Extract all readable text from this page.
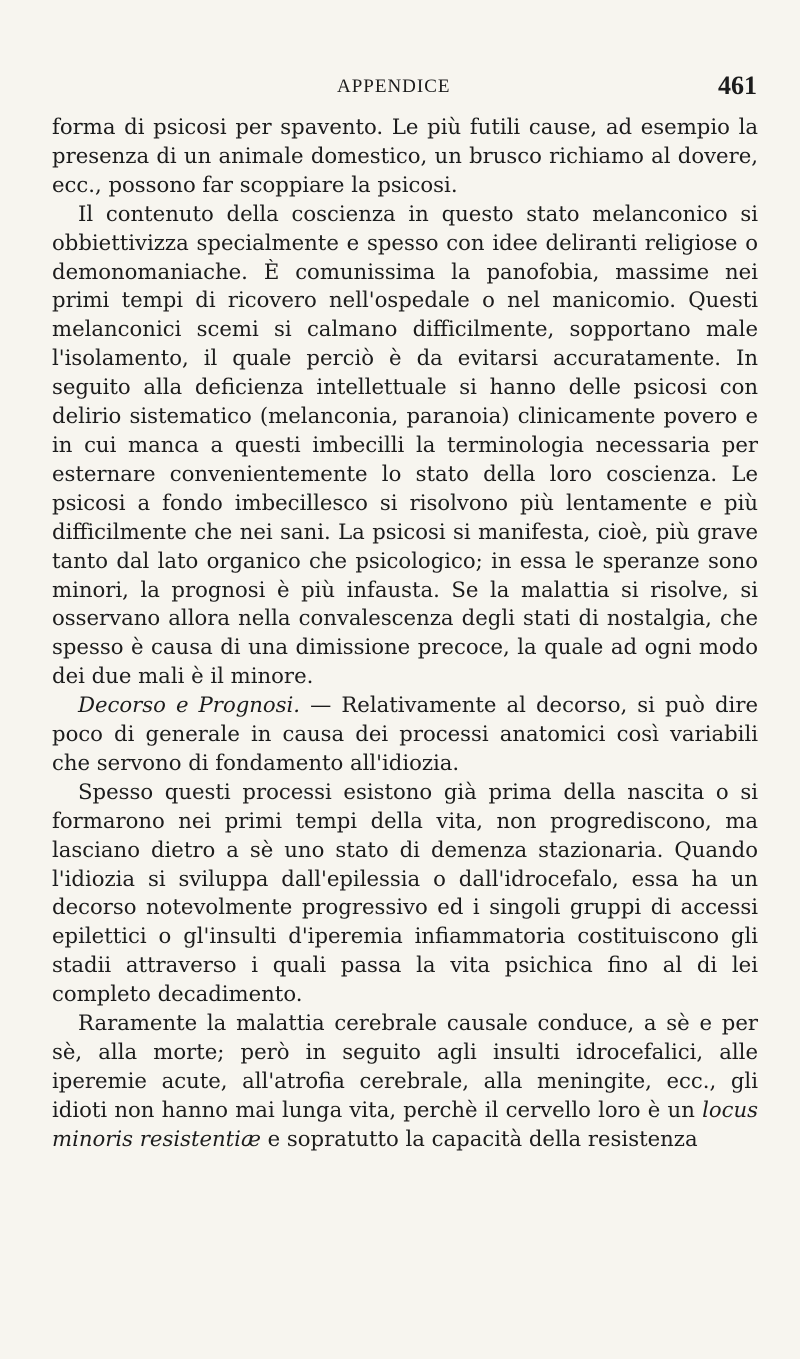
APPENDICE	461

forma di psicosi per spavento. Le più futili cause, ad esempio la presenza di un animale domestico, un brusco richiamo al dovere, ecc., possono far scoppiare la psicosi.

Il contenuto della coscienza in questo stato melanconico si obbiettivizza specialmente e spesso con idee deliranti religiose o demonomaniache. È comunissima la panofobia, massime nei primi tempi di ricovero nell'ospedale o nel manicomio. Questi melanconici scemi si calmano difficilmente, sopportano male l'isolamento, il quale perciò è da evitarsi accuratamente. In seguito alla deficienza intellettuale si hanno delle psicosi con delirio sistematico (melanconia, paranoia) clinicamente povero e in cui manca a questi imbecilli la terminologia necessaria per esternare convenientemente lo stato della loro coscienza. Le psicosi a fondo imbecillesco si risolvono più lentamente e più difficilmente che nei sani. La psicosi si manifesta, cioè, più grave tanto dal lato organico che psicologico; in essa le speranze sono minori, la prognosi è più infausta. Se la malattia si risolve, si osservano allora nella convalescenza degli stati di nostalgia, che spesso è causa di una dimissione precoce, la quale ad ogni modo dei due mali è il minore.

Decorso e Prognosi. — Relativamente al decorso, si può dire poco di generale in causa dei processi anatomici così variabili che servono di fondamento all'idiozia.

Spesso questi processi esistono già prima della nascita o si formarono nei primi tempi della vita, non progrediscono, ma lasciano dietro a sè uno stato di demenza stazionaria. Quando l'idiozia si sviluppa dall'epilessia o dall'idrocefalo, essa ha un decorso notevolmente progressivo ed i singoli gruppi di accessi epilettici o gl'insulti d'iperemia infiammatoria costituiscono gli stadii attraverso i quali passa la vita psichica fino al di lei completo decadimento.

Raramente la malattia cerebrale causale conduce, a sè e per sè, alla morte; però in seguito agli insulti idrocefalici, alle iperemie acute, all'atrofia cerebrale, alla meningite, ecc., gli idioti non hanno mai lunga vita, perchè il cervello loro è un locus minoris resistentiæ e sopratutto la capacità della resistenza
